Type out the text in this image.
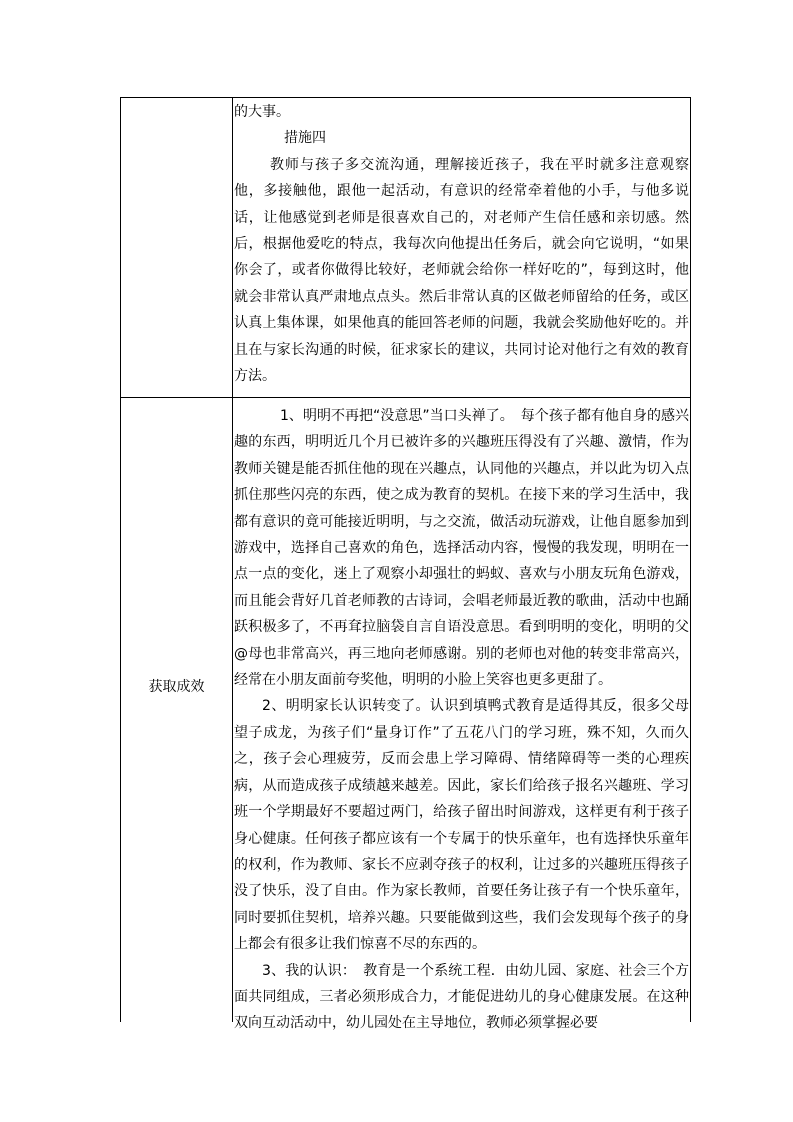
的大事。

措施四

教师与孩子多交流沟通，理解接近孩子，我在平时就多注意观察他，多接触他，跟他一起活动，有意识的经常牵着他的小手，与他多说话，让他感觉到老师是很喜欢自己的，对老师产生信任感和亲切感。然后，根据他爱吃的特点，我每次向他提出任务后，就会向它说明，“如果你会了，或者你做得比较好，老师就会给你一样好吃的”，每到这时，他就会非常认真严肃地点点头。然后非常认真的区做老师留给的任务，或区认真上集体课，如果他真的能回答老师的问题，我就会奖励他好吃的。并且在与家长沟通的时候，征求家长的建议，共同讨论对他行之有效的教育方法。

获取成效

1、明明不再把“没意思”当口头禅了。　每个孩子都有他自身的感兴趣的东西，明明近几个月已被许多的兴趣班压得没有了兴趣、激情，作为教师关键是能否抓住他的现在兴趣点，认同他的兴趣点，并以此为切入点抓住那些闪亮的东西，使之成为教育的契机。在接下来的学习生活中，我都有意识的竟可能接近明明，与之交流，做活动玩游戏，让他自愿参加到游戏中，选择自己喜欢的角色，选择活动内容，慢慢的我发现，明明在一点一点的变化，迷上了观察小却强壮的蚂蚁、喜欢与小朋友玩角色游戏，而且能会背好几首老师教的古诗词，会唱老师最近教的歌曲，活动中也踊跃积极多了，不再耷拉脑袋自言自语没意思。看到明明的变化，明明的父@母也非常高兴，再三地向老师感谢。别的老师也对他的转变非常高兴，经常在小朋友面前夸奖他，明明的小脸上笑容也更多更甜了。

2、明明家长认识转变了。认识到填鸭式教育是适得其反，很多父母望子成龙，为孩子们“量身订作”了五花八门的学习班，殊不知，久而久之，孩子会心理疲劳，反而会患上学习障碍、情绪障碍等一类的心理疾病，从而造成孩子成绩越来越差。因此，家长们给孩子报名兴趣班、学习班一个学期最好不要超过两门，给孩子留出时间游戏，这样更有利于孩子身心健康。任何孩子都应该有一个专属于的快乐童年，也有选择快乐童年的权利，作为教师、家长不应剥夺孩子的权利，让过多的兴趣班压得孩子没了快乐，没了自由。作为家长教师，首要任务让孩子有一个快乐童年，同时要抓住契机，培养兴趣。只要能做到这些，我们会发现每个孩子的身上都会有很多让我们惊喜不尽的东西的。

3、我的认识：　教育是一个系统工程．由幼儿园、家庭、社会三个方面共同组成，三者必须形成合力，才能促进幼儿的身心健康发展。在这种双向互动活动中，幼儿园处在主导地位，教师必须掌握必要
